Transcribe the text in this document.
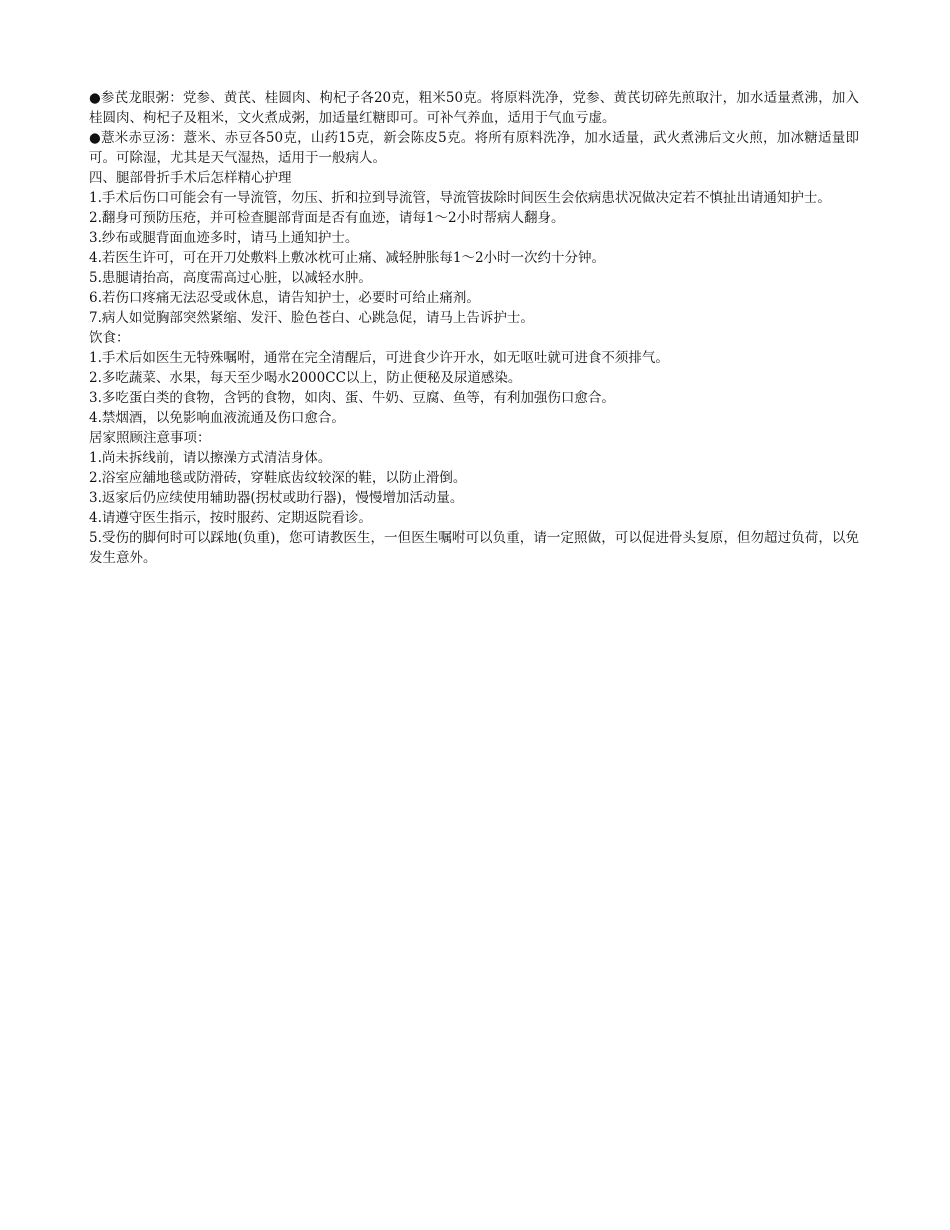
●参芪龙眼粥：党参、黄芪、桂圆肉、枸杞子各20克，粗米50克。将原料洗净，党参、黄芪切碎先煎取汁，加水适量煮沸，加入桂圆肉、枸杞子及粗米，文火煮成粥，加适量红糖即可。可补气养血，适用于气血亏虚。

●薏米赤豆汤：薏米、赤豆各50克，山药15克，新会陈皮5克。将所有原料洗净，加水适量，武火煮沸后文火煎，加冰糖适量即可。可除湿，尤其是天气湿热，适用于一般病人。

四、腿部骨折手术后怎样精心护理

1.手术后伤口可能会有一导流管，勿压、折和拉到导流管，导流管拔除时间医生会依病患状况做决定若不慎扯出请通知护士。

2.翻身可预防压疮，并可检查腿部背面是否有血迹，请每1～2小时帮病人翻身。

3.纱布或腿背面血迹多时，请马上通知护士。

4.若医生许可，可在开刀处敷料上敷冰枕可止痛、减轻肿胀每1～2小时一次约十分钟。

5.患腿请抬高，高度需高过心脏，以减轻水肿。

6.若伤口疼痛无法忍受或休息，请告知护士，必要时可给止痛剂。

7.病人如觉胸部突然紧缩、发汗、脸色苍白、心跳急促，请马上告诉护士。

饮食：

1.手术后如医生无特殊嘱咐，通常在完全清醒后，可进食少许开水，如无呕吐就可进食不须排气。

2.多吃蔬菜、水果，每天至少喝水2000CC以上，防止便秘及尿道感染。

3.多吃蛋白类的食物，含钙的食物，如肉、蛋、牛奶、豆腐、鱼等，有利加强伤口愈合。

4.禁烟酒，以免影响血液流通及伤口愈合。

居家照顾注意事项：

1.尚未拆线前，请以擦澡方式清洁身体。

2.浴室应舖地毯或防滑砖，穿鞋底齿纹较深的鞋，以防止滑倒。

3.返家后仍应续使用辅助器(拐杖或助行器)，慢慢增加活动量。

4.请遵守医生指示，按时服药、定期返院看诊。

5.受伤的脚何时可以踩地(负重)，您可请教医生，一但医生嘱咐可以负重，请一定照做，可以促进骨头复原，但勿超过负荷，以免发生意外。
